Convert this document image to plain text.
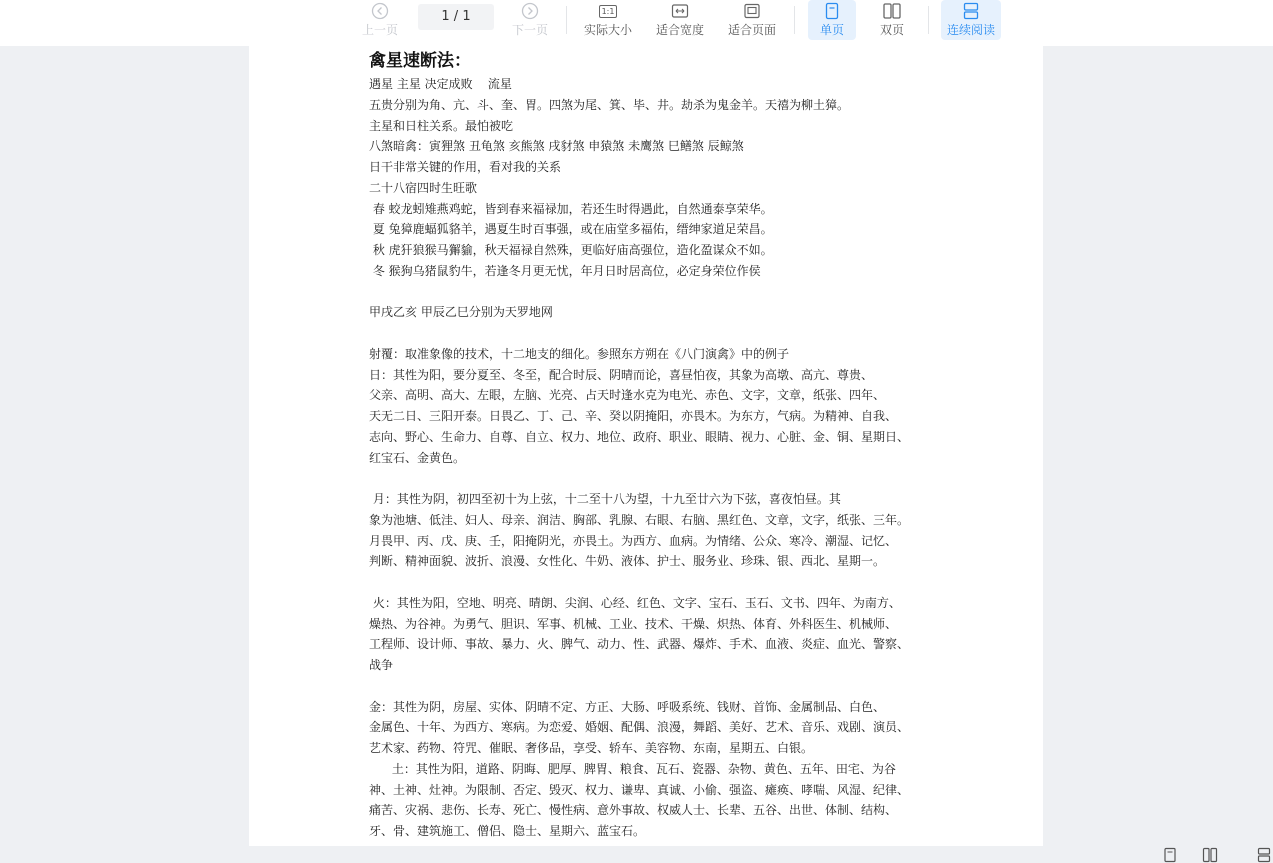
上一页
1 / 1
下一页
1:1
实际大小 适合宽度 适合页面	单页	双页	连续阅读
禽星速断法：
遇星 主星 决定成败    流星
五贵分别为角、亢、斗、奎、胃。四煞为尾、箕、毕、井。劫杀为鬼金羊。天禧为柳土獐。
主星和日柱关系。最怕被吃
八煞暗禽：寅狸煞 丑龟煞 亥熊煞 戌豺煞 申猿煞 未鹰煞 巳鳝煞 辰鲸煞
日干非常关键的作用，看对我的关系
二十八宿四时生旺歌
春 蛟龙蚓雉燕鸡蛇，皆到春来福禄加，若还生时得遇此，自然通泰享荣华。
夏 兔獐鹿蝠狐貉羊，遇夏生时百事强，或在庙堂多福佑，缙绅家道足荣昌。
秋 虎犴狼猴马獬貐，秋天福禄自然殊，更临好庙高强位，造化盈谋众不如。
冬 猴狗乌猪鼠豹牛，若逢冬月更无忧，年月日时居高位，必定身荣位作侯
甲戌乙亥 甲辰乙巳分别为天罗地网
射覆：取准象像的技术，十二地支的细化。参照东方朔在《八门演禽》中的例子
日：其性为阳，要分夏至、冬至，配合时辰、阴晴而论，喜昼怕夜，其象为高墩、高亢、尊贵、
父亲、高明、高大、左眼，左脑、光亮、占天时逢水克为电光、赤色、文字，文章，纸张、四年、
天无二日、三阳开泰。日畏乙、丁、己、辛、癸以阴掩阳，亦畏木。为东方，气病。为精神、自我、
志向、野心、生命力、自尊、自立、权力、地位、政府、职业、眼睛、视力、心脏、金、铜、星期日、
红宝石、金黄色。
月：其性为阴，初四至初十为上弦，十二至十八为望，十九至廿六为下弦，喜夜怕昼。其
象为池塘、低洼、妇人、母亲、润洁、胸部、乳腺、右眼、右脑、黑红色、文章，文字，纸张、三年。
月畏甲、丙、戊、庚、壬，阳掩阴光，亦畏土。为西方、血病。为情绪、公众、寒冷、潮湿、记忆、
判断、精神面貌、波折、浪漫、女性化、牛奶、液体、护士、服务业、珍珠、银、西北、星期一。
火：其性为阳，空地、明亮、晴朗、尖润、心经、红色、文字、宝石、玉石、文书、四年、为南方、
燥热、为谷神。为勇气、胆识、军事、机械、工业、技术、干燥、炽热、体育、外科医生、机械师、
工程师、设计师、事故、暴力、火、脾气、动力、性、武器、爆炸、手术、血液、炎症、血光、警察、
战争
金：其性为阴，房屋、实体、阴晴不定、方正、大肠、呼吸系统、钱财、首饰、金属制品、白色、
金属色、十年、为西方、寒病。为恋爱、婚姻、配偶、浪漫，舞蹈、美好、艺术、音乐、戏剧、演员、
艺术家、药物、符咒、催眠、奢侈品，享受、轿车、美容物、东南，星期五、白银。
土：其性为阳，道路、阴晦、肥厚、脾胃、粮食、瓦石、瓷器、杂物、黄色、五年、田宅、为谷
神、土神、灶神。为限制、否定、毁灭、权力、谦卑、真诚、小偷、强盗、瘫痪、哮喘、风湿、纪律、
痛苦、灾祸、悲伤、长寿、死亡、慢性病、意外事故、权威人士、长辈、五谷、出世、体制、结构、
牙、骨、建筑施工、僧侣、隐士、星期六、蓝宝石。
